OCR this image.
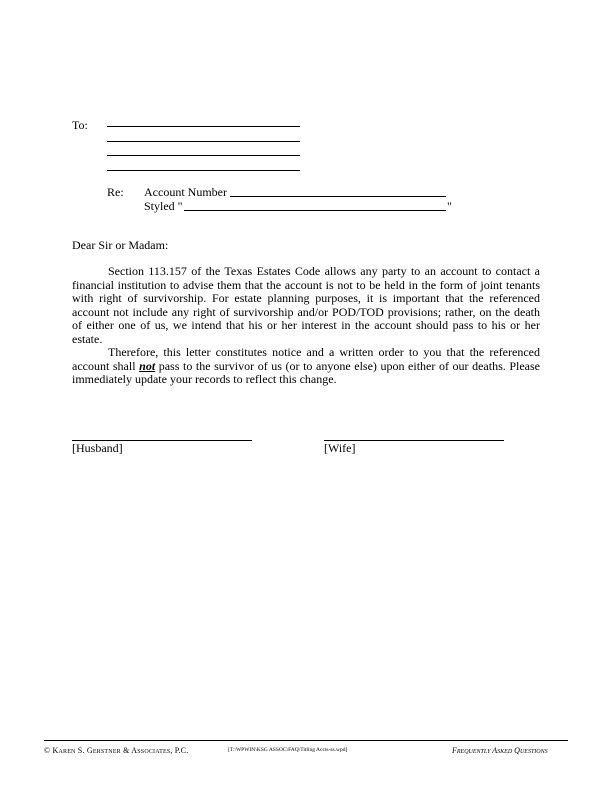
To:
Re: Account Number
Styled "	"
Dear Sir or Madam:
Section 113.157 of the Texas Estates Code allows any party to an account to contact a financial institution to advise them that the account is not to be held in the form of joint tenants with right of survivorship. For estate planning purposes, it is important that the referenced account not include any right of survivorship and/or POD/TOD provisions; rather, on the death of either one of us, we intend that his or her interest in the account should pass to his or her estate.
Therefore, this letter constitutes notice and a written order to you that the referenced account shall not pass to the survivor of us (or to anyone else) upon either of our deaths. Please immediately update your records to reflect this change.
[Husband]	[Wife]
© Karen S. Gerstner & Associates, P.C.	[T:\WPWIN\KSG ASSOC\FAQ\Titling Accts-ss.wpd]	Frequently Asked Questions
